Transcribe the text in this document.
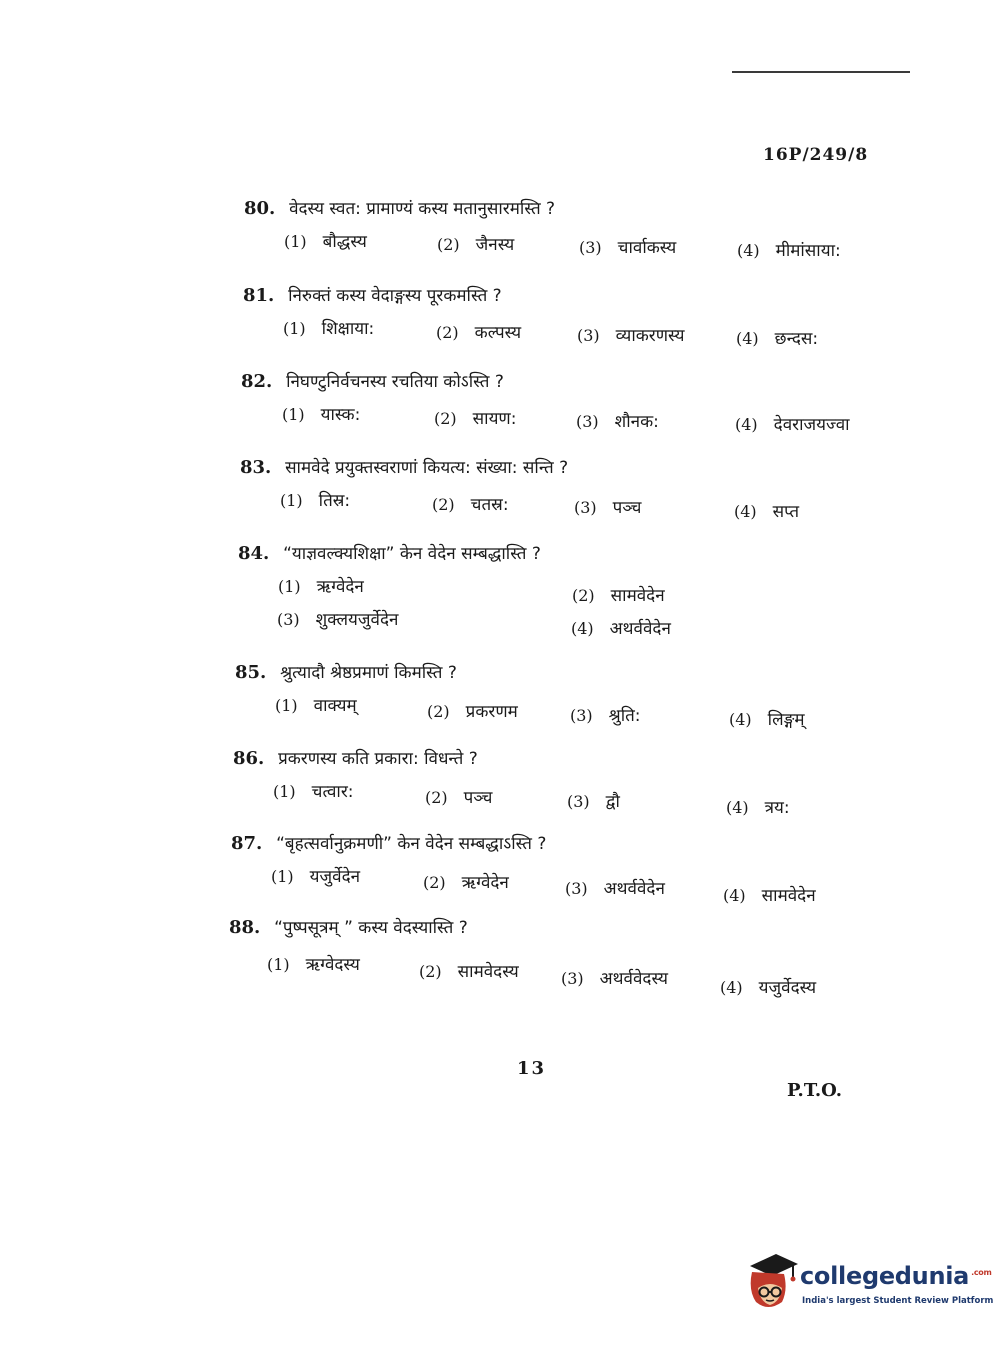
16P/249/8
80. वेदस्य स्वत: प्रामाण्यं कस्य मतानुसारमस्ति ?
(1) बौद्धस्य	(2) जैनस्य	(3) चार्वाकस्य	(4) मीमांसाया:
81. निरुक्तं कस्य वेदाङ्गस्य पूरकमस्ति ?
(1) शिक्षाया:	(2) कल्पस्य	(3) व्याकरणस्य	(4) छन्दस:
82. निघण्टुनिर्वचनस्य रचतिया कोऽस्ति ?
(1) यास्क:	(2) सायण:	(3) शौनक:	(4) देवराजयज्वा
83. सामवेदे प्रयुक्तस्वराणां कियत्य: संख्या: सन्ति ?
(1) तिस्र:	(2) चतस्र:	(3) पञ्च	(4) सप्त
84. “याज्ञवल्क्यशिक्षा” केन वेदेन सम्बद्धास्ति ?
(1) ऋग्वेदेन	(2) सामवेदेन
(3) शुक्लयजुर्वेदेन	(4) अथर्ववेदेन
85. श्रुत्यादौ श्रेष्ठप्रमाणं किमस्ति ?
(1) वाक्यम्	(2) प्रकरणम	(3) श्रुति:	(4) लिङ्गम्
86. प्रकरणस्य कति प्रकारा: विधन्ते ?
(1) चत्वार:	(2) पञ्च	(3) द्वौ	(4) त्रय:
87. “बृहत्सर्वानुक्रमणी” केन वेदेन सम्बद्धाऽस्ति ?
(1) यजुर्वेदेन	(2) ऋग्वेदेन	(3) अथर्ववेदेन	(4) सामवेदेन
88. “पुष्पसूत्रम् ” कस्य वेदस्यास्ति ?
(1) ऋग्वेदस्य	(2) सामवेदस्य	(3) अथर्ववेदस्य	(4) यजुर्वेदस्य
13
P.T.O.
collegedunia $^{.com}$
India's largest Student Review Platform
